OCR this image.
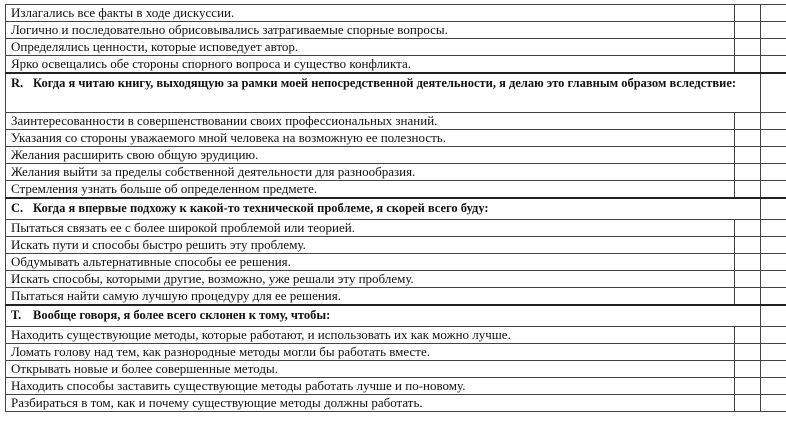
Излагались все факты в ходе дискуссии.		
Логично и последовательно обрисовывались затрагиваемые спорные вопросы.		
Определялись ценности, которые исповедует автор.		
Ярко освещались обе стороны спорного вопроса и существо конфликта.		

R. Когда я читаю книгу, выходящую за рамки моей непосредственной деятельности, я делаю это главным образом вследствие:		

Заинтересованности в совершенствовании своих профессиональных знаний.		
Указания со стороны уважаемого мной человека на возможную ее полезность.		
Желания расширить свою общую эрудицию.		
Желания выйти за пределы собственной деятельности для разнообразия.		
Стремления узнать больше об определенном предмете.		

С. Когда я впервые подхожу к какой-то технической проблеме, я скорей всего буду:		

Пытаться связать ее с более широкой проблемой или теорией.		
Искать пути и способы быстро решить эту проблему.		
Обдумывать альтернативные способы ее решения.		
Искать способы, которыми другие, возможно, уже решали эту проблему.		
Пытаться найти самую лучшую процедуру для ее решения.		

Т. Вообще говоря, я более всего склонен к тому, чтобы:		

Находить существующие методы, которые работают, и использовать их как можно лучше.		
Ломать голову над тем, как разнородные методы могли бы работать вместе.		
Открывать новые и более совершенные методы.		
Находить способы заставить существующие методы работать лучше и по-новому.		
Разбираться в том, как и почему существующие методы должны работать.		
